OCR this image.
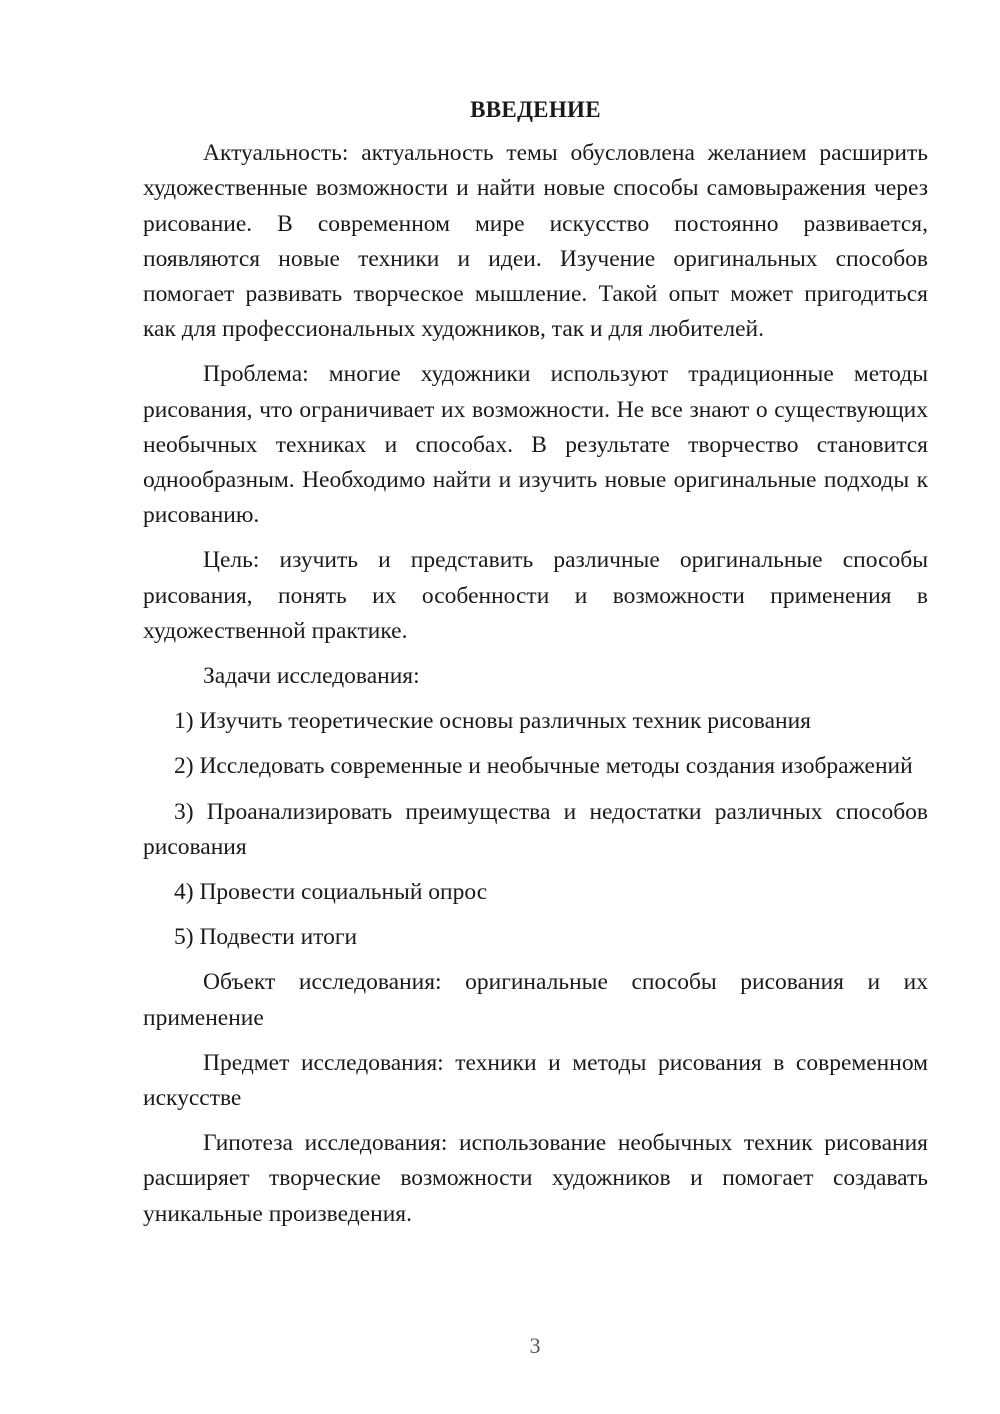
ВВЕДЕНИЕ

Актуальность: актуальность темы обусловлена желанием расширить художественные возможности и найти новые способы самовыражения через рисование. В современном мире искусство постоянно развивается, появляются новые техники и идеи. Изучение оригинальных способов помогает развивать творческое мышление. Такой опыт может пригодиться как для профессиональных художников, так и для любителей.

Проблема: многие художники используют традиционные методы рисования, что ограничивает их возможности. Не все знают о существующих необычных техниках и способах. В результате творчество становится однообразным. Необходимо найти и изучить новые оригинальные подходы к рисованию.

Цель: изучить и представить различные оригинальные способы рисования, понять их особенности и возможности применения в художественной практике.

Задачи исследования:

1) Изучить теоретические основы различных техник рисования

2) Исследовать современные и необычные методы создания изображений

3) Проанализировать преимущества и недостатки различных способов рисования

4) Провести социальный опрос

5) Подвести итоги

Объект исследования: оригинальные способы рисования и их применение

Предмет исследования: техники и методы рисования в современном искусстве

Гипотеза исследования: использование необычных техник рисования расширяет творческие возможности художников и помогает создавать уникальные произведения.

3
